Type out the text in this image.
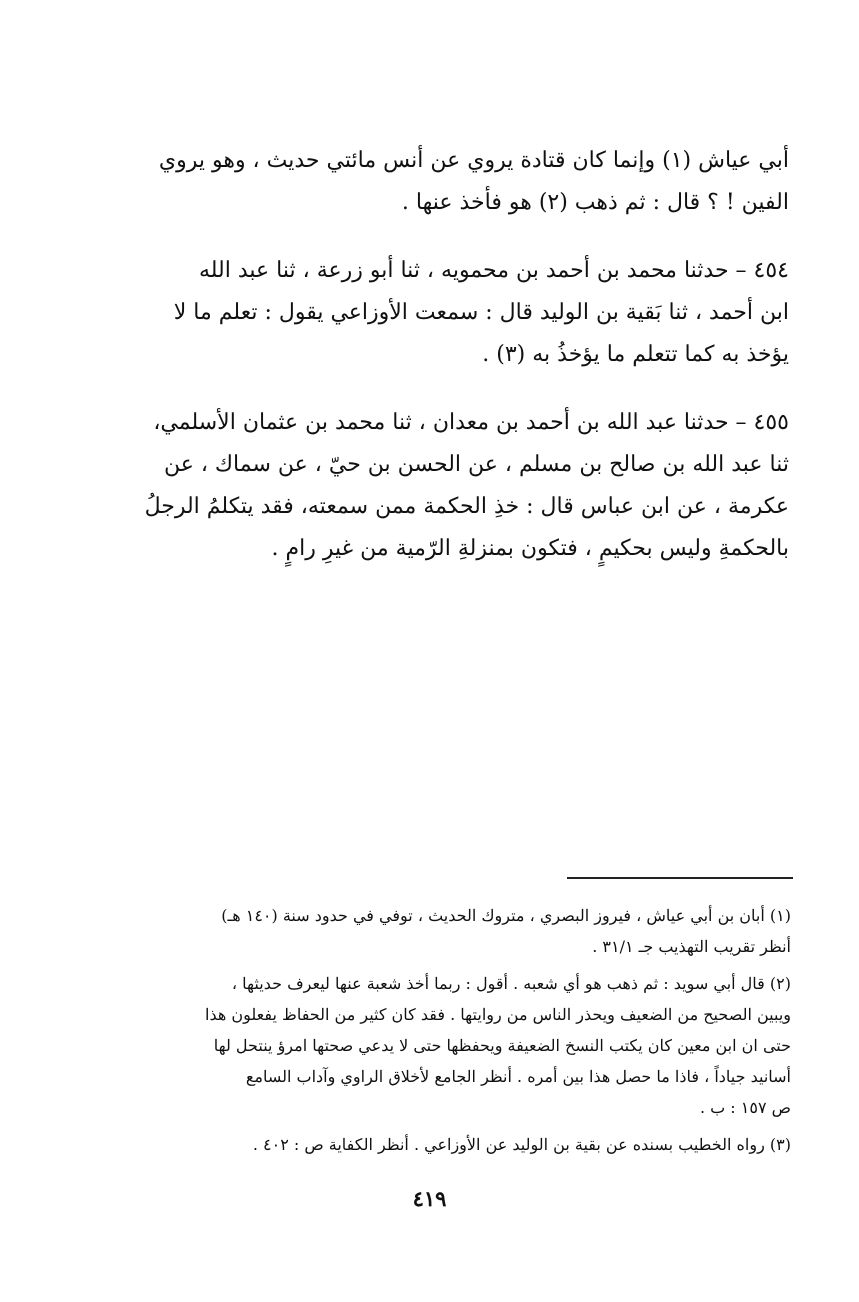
أبي عياش (١) وإنما كان قتادة يروي عن أنس مائتي حديث ، وهو يروي

الفين ! ؟ قال : ثم ذهب (٢) هو فأخذ عنها .

٤٥٤ – حدثنا محمد بن أحمد بن محمويه ، ثنا أبو زرعة ، ثنا عبد الله

ابن أحمد ، ثنا بَقية بن الوليد قال : سمعت الأوزاعي يقول : تعلم ما لا

يؤخذ به كما تتعلم ما يؤخذُ به (٣) .

٤٥٥ – حدثنا عبد الله بن أحمد بن معدان ، ثنا محمد بن عثمان الأسلمي،

ثنا عبد الله بن صالح بن مسلم ، عن الحسن بن حيّ ، عن سماك ، عن

عكرمة ، عن ابن عباس قال : خذِ الحكمة ممن سمعته، فقد يتكلمُ الرجلُ

بالحكمةِ وليس بحكيمٍ ، فتكون بمنزلةِ الرّمية من غيرِ رامٍ .

(١) أبان بن أبي عياش ، فيروز البصري ، متروك الحديث ، توفي في حدود سنة (١٤٠ هـ)

أنظر تقريب التهذيب جـ ٣١/١ .

(٢) قال أبي سويد : ثم ذهب هو أي شعبه . أقول : ربما أخذ شعبة عنها ليعرف حديثها ،

ويبين الصحيح من الضعيف ويحذر الناس من روايتها . فقد كان كثير من الحفاظ يفعلون هذا

حتى ان ابن معين كان يكتب النسخ الضعيفة ويحفظها حتى لا يدعي صحتها امرؤ ينتحل لها

أسانيد جياداً ، فاذا ما حصل هذا بين أمره . أنظر الجامع لأخلاق الراوي وآداب السامع

ص ١٥٧ : ب .

(٣) رواه الخطيب بسنده عن بقية بن الوليد عن الأوزاعي . أنظر الكفاية ص : ٤٠٢ .

٤١٩
